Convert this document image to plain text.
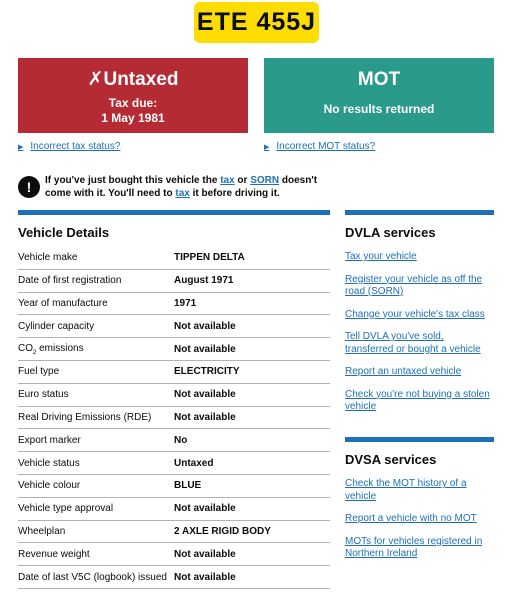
ETE 455J
✗Untaxed
Tax due:
1 May 1981
MOT
No results returned
▶ Incorrect tax status?	▶ Incorrect MOT status?
!	If you've just bought this vehicle the tax or SORN doesn't come with it. You'll need to tax it before driving it.
Vehicle Details
Vehicle make	TIPPEN DELTA
Date of first registration	August 1971
Year of manufacture	1971
Cylinder capacity	Not available
$CO_2$ emissions	Not available
Fuel type	ELECTRICITY
Euro status	Not available
Real Driving Emissions (RDE)	Not available
Export marker	No
Vehicle status	Untaxed
Vehicle colour	BLUE
Vehicle type approval	Not available
Wheelplan	2 AXLE RIGID BODY
Revenue weight	Not available
Date of last V5C (logbook) issued Not available
DVLA services
Tax your vehicle
Register your vehicle as off the road (SORN)
Change your vehicle's tax class
Tell DVLA you've sold, transferred or bought a vehicle
Report an untaxed vehicle
Check you're not buying a stolen vehicle
DVSA services
Check the MOT history of a vehicle
Report a vehicle with no MOT
MOTs for vehicles registered in Northern Ireland
